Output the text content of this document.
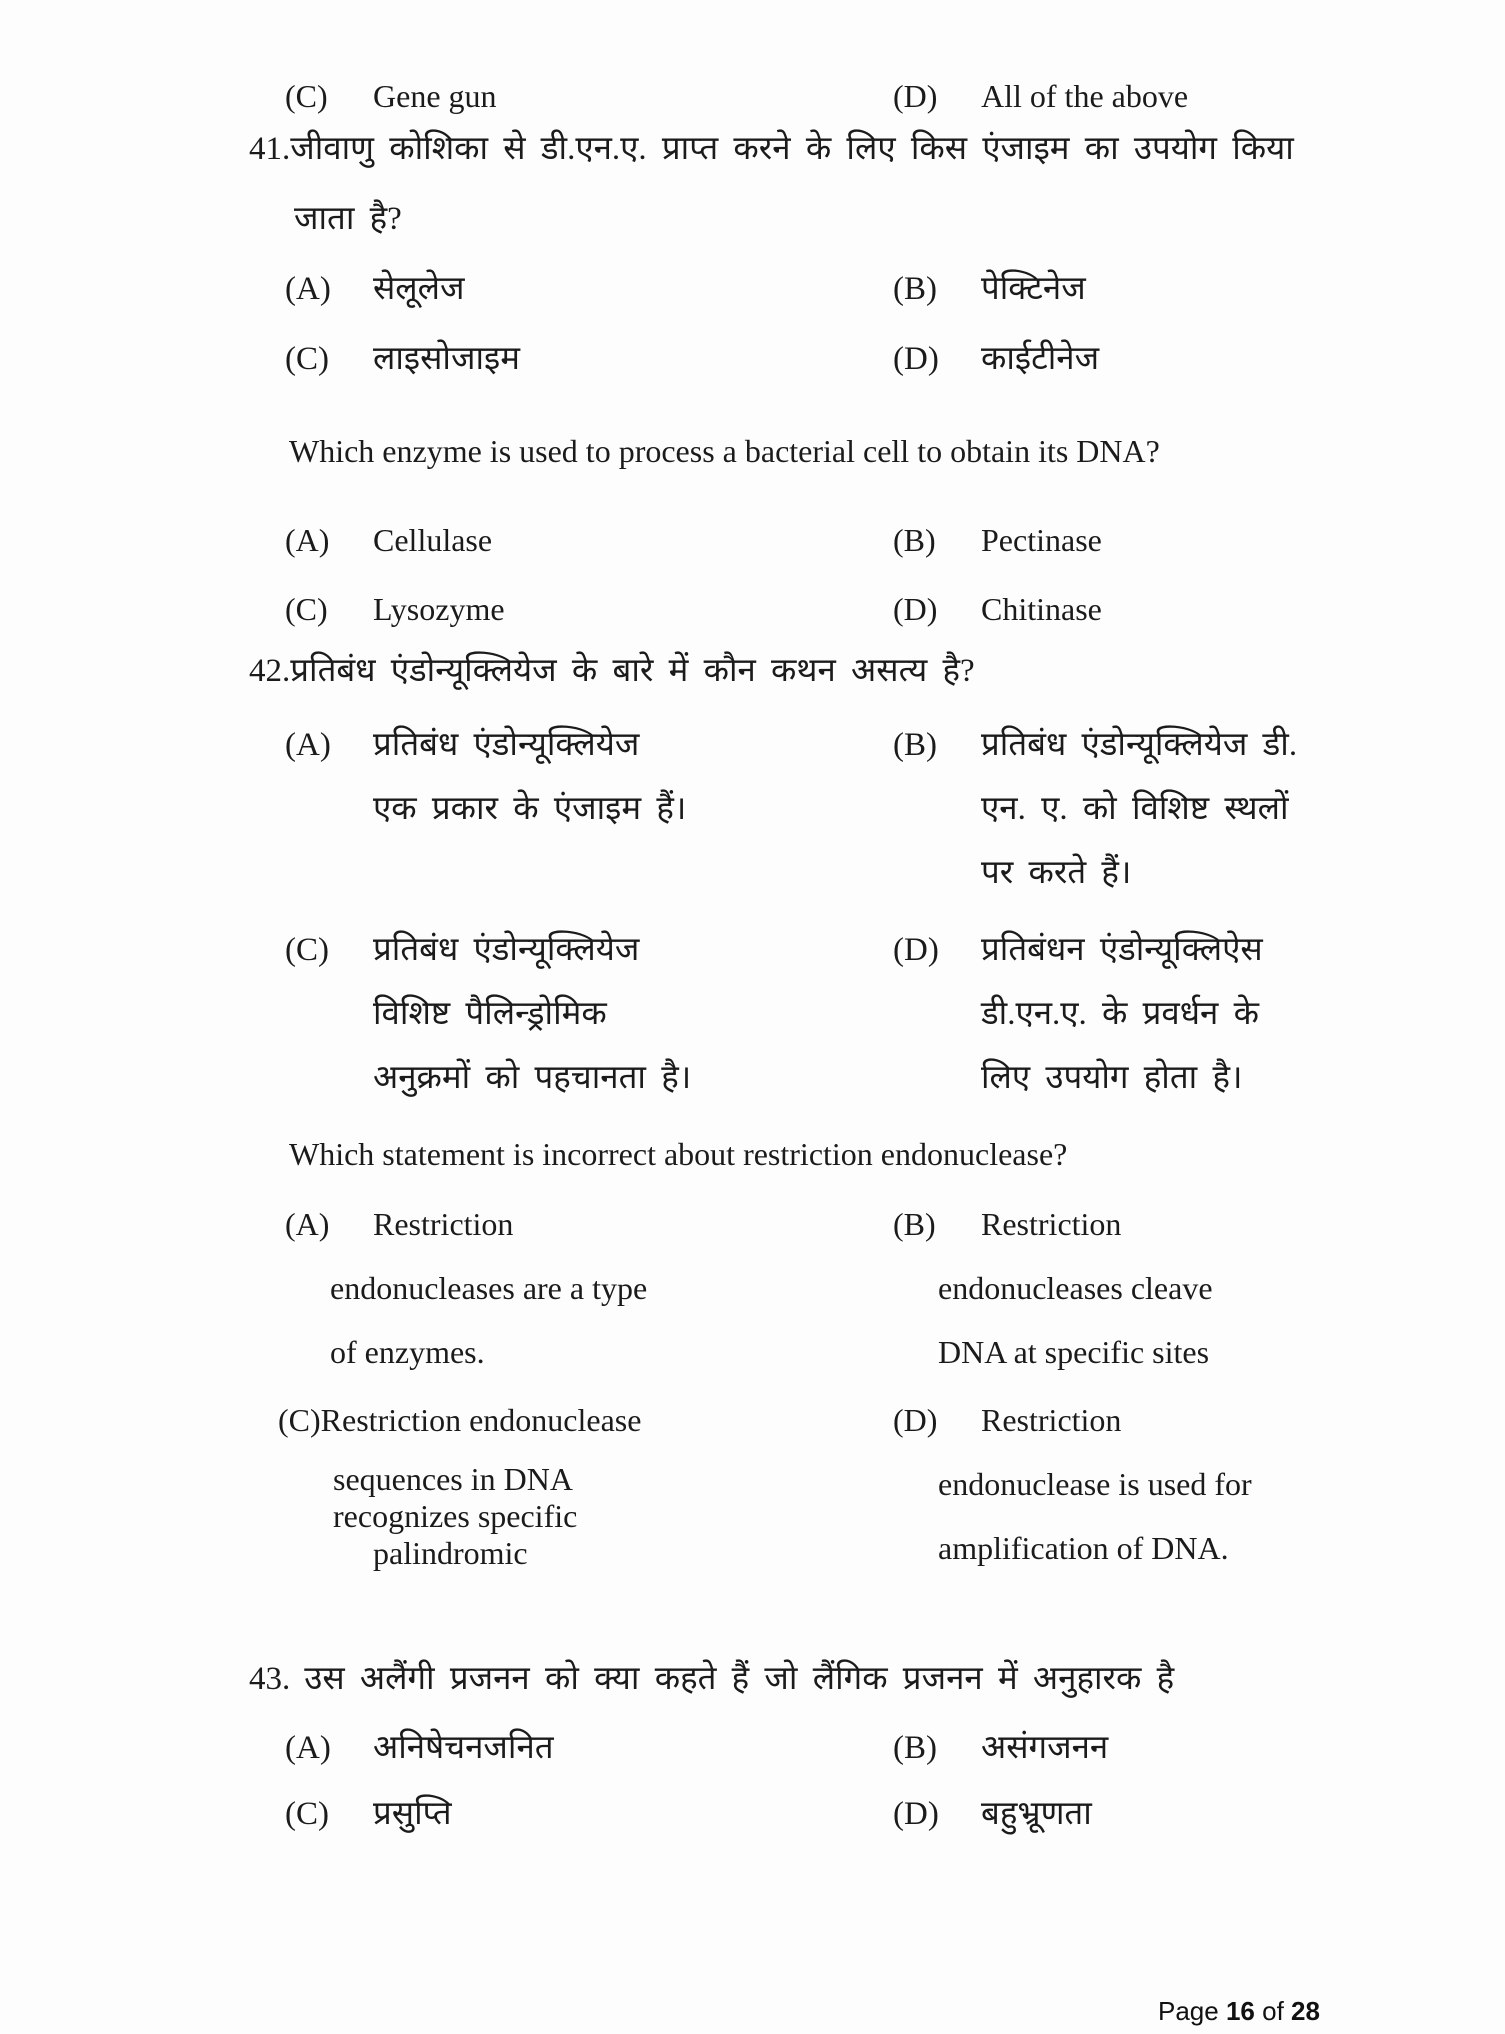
(C)	Gene gun	(D)	All of the above
41.जीवाणु कोशिका से डी.एन.ए. प्राप्त करने के लिए किस एंजाइम का उपयोग किया
जाता है?
(A)	सेलूलेज	(B)	पेक्टिनेज
(C)	लाइसोजाइम	(D)	काईटीनेज
Which enzyme is used to process a bacterial cell to obtain its DNA?
(A)	Cellulase	(B)	Pectinase
(C)	Lysozyme	(D)	Chitinase
42.प्रतिबंध एंडोन्यूक्लियेज के बारे में कौन कथन असत्य है?
(A)	प्रतिबंध एंडोन्यूक्लियेज
एक प्रकार के एंजाइम हैं।
(B)	प्रतिबंध एंडोन्यूक्लियेज डी.
एन. ए. को विशिष्ट स्थलों
पर करते हैं।
(C)	प्रतिबंध एंडोन्यूक्लियेज
विशिष्ट पैलिन्ड्रोमिक
अनुक्रमों को पहचानता है।
(D)	प्रतिबंधन एंडोन्यूक्लिऐस
डी.एन.ए. के प्रवर्धन के
लिए उपयोग होता है।
Which statement is incorrect about restriction endonuclease?
(A)	Restriction
endonucleases are a type
of enzymes.
(B)	Restriction
endonucleases cleave
DNA at specific sites
(C)Restriction endonuclease
sequences in DNA
recognizes specific
palindromic
(D)	Restriction
endonuclease is used for
amplification of DNA.
43. उस अलैंगी प्रजनन को क्या कहते हैं जो लैंगिक प्रजनन में अनुहारक है
(A)	अनिषेचनजनित	(B)	असंगजनन
(C)	प्रसुप्ति	(D)	बहुभ्रूणता
Page 16 of 28
